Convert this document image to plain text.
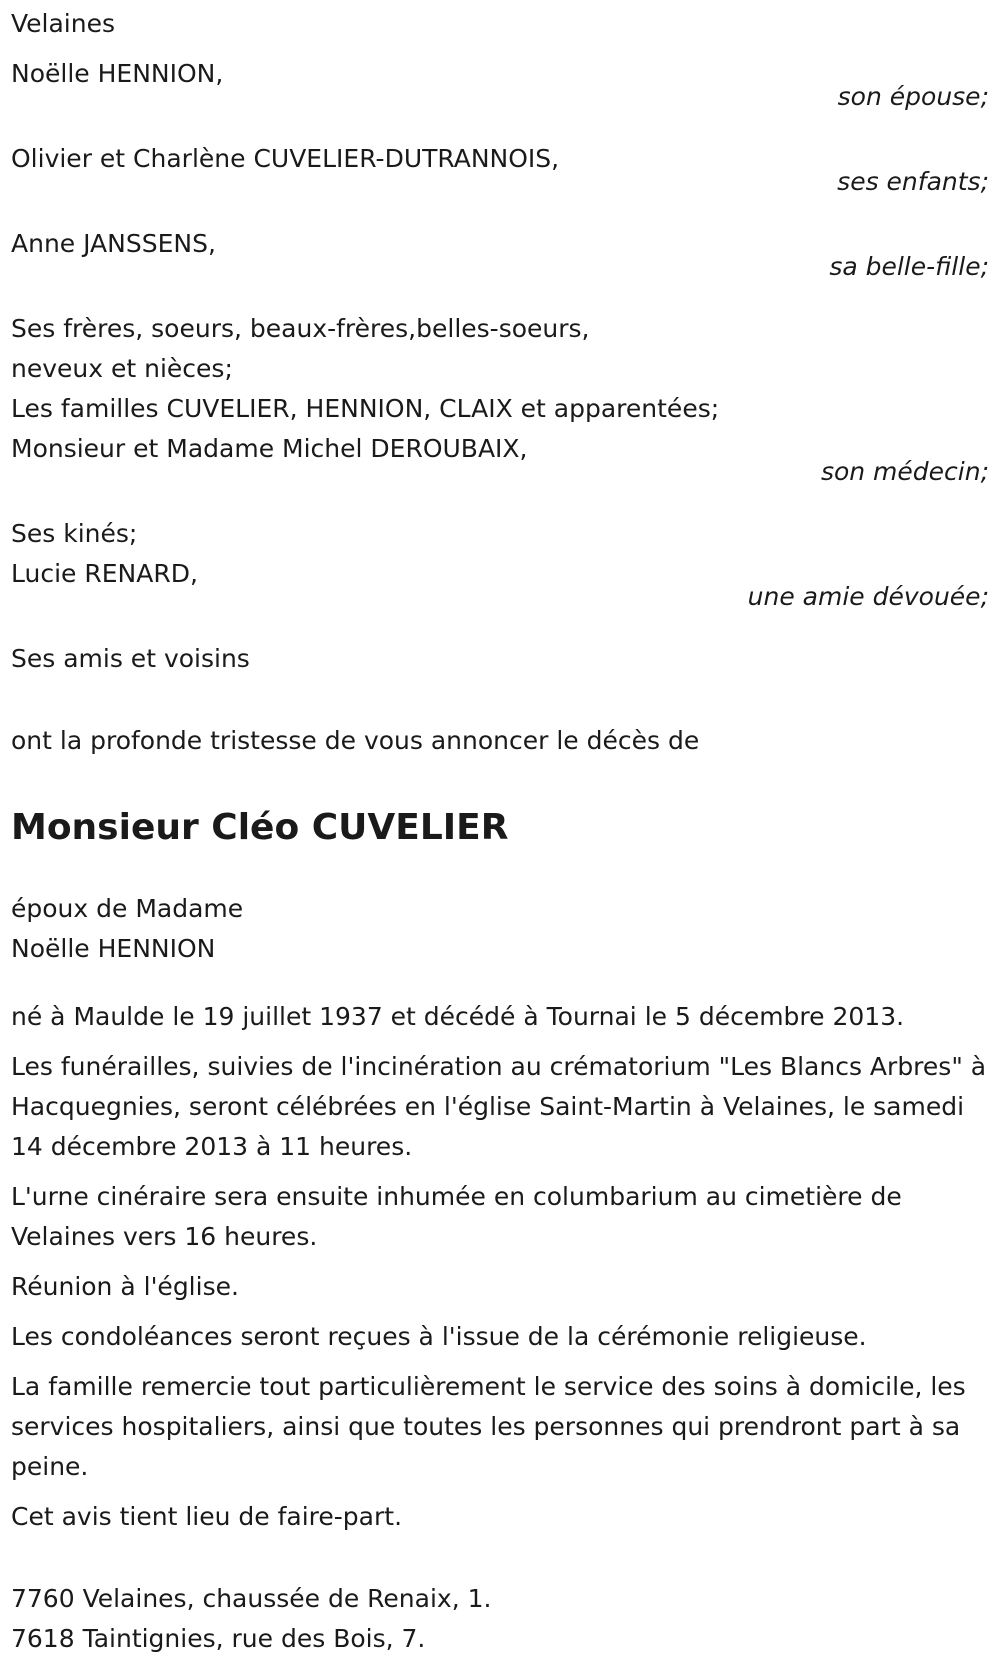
Velaines
Noëlle HENNION,
son épouse;
Olivier et Charlène CUVELIER-DUTRANNOIS,
ses enfants;
Anne JANSSENS,
sa belle-fille;
Ses frères, soeurs, beaux-frères,belles-soeurs,
neveux et nièces;
Les familles CUVELIER, HENNION, CLAIX et apparentées;
Monsieur et Madame Michel DEROUBAIX,
son médecin;
Ses kinés;
Lucie RENARD,
une amie dévouée;
Ses amis et voisins
ont la profonde tristesse de vous annoncer le décès de
Monsieur Cléo CUVELIER
époux de Madame
Noëlle HENNION
né à Maulde le 19 juillet 1937 et décédé à Tournai le 5 décembre 2013.
Les funérailles, suivies de l'incinération au crématorium "Les Blancs Arbres" à Hacquegnies, seront célébrées en l'église Saint-Martin à Velaines, le samedi 14 décembre 2013 à 11 heures.
L'urne cinéraire sera ensuite inhumée en columbarium au cimetière de Velaines vers 16 heures.
Réunion à l'église.
Les condoléances seront reçues à l'issue de la cérémonie religieuse.
La famille remercie tout particulièrement le service des soins à domicile, les services hospitaliers, ainsi que toutes les personnes qui prendront part à sa peine.
Cet avis tient lieu de faire-part.
7760 Velaines, chaussée de Renaix, 1.
7618 Taintignies, rue des Bois, 7.
